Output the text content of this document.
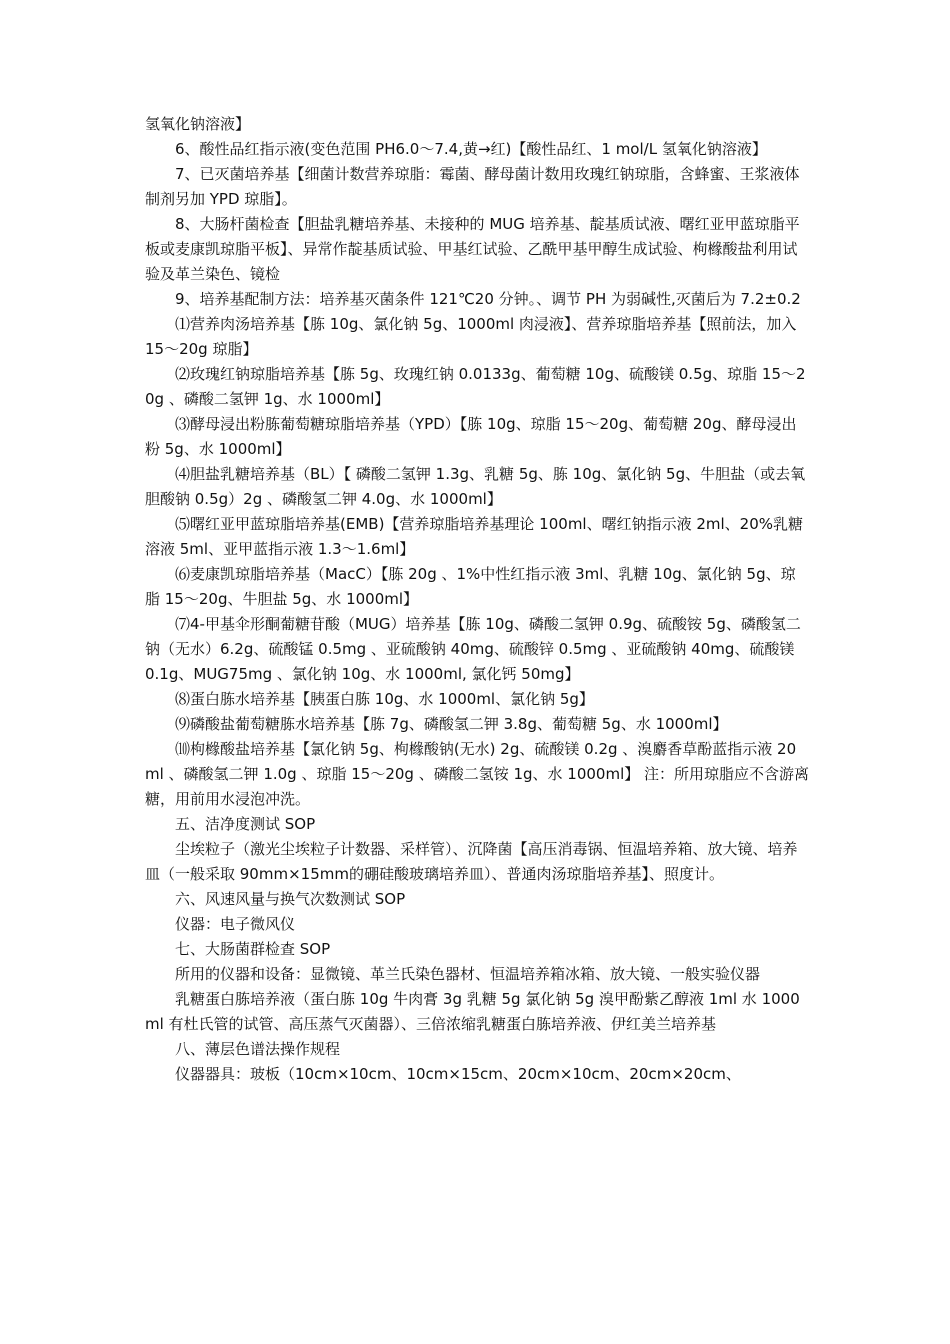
氢氧化钠溶液】

6、酸性品红指示液(变色范围 PH6.0～7.4,黄→红)【酸性品红、1 mol/L 氢氧化钠溶液】

7、已灭菌培养基【细菌计数营养琼脂：霉菌、酵母菌计数用玫瑰红钠琼脂，含蜂蜜、王浆液体制剂另加 YPD 琼脂】。

8、大肠杆菌检查【胆盐乳糖培养基、未接种的 MUG 培养基、靛基质试液、曙红亚甲蓝琼脂平板或麦康凯琼脂平板】、异常作靛基质试验、甲基红试验、乙酰甲基甲醇生成试验、枸橼酸盐利用试验及革兰染色、镜检

9、培养基配制方法：培养基灭菌条件 121℃20 分钟。、调节 PH 为弱碱性,灭菌后为 7.2±0.2

⑴营养肉汤培养基【胨 10g、氯化钠 5g、1000ml 肉浸液】、营养琼脂培养基【照前法，加入 15～20g 琼脂】

⑵玫瑰红钠琼脂培养基【胨 5g、玫瑰红钠 0.0133g、葡萄糖 10g、硫酸镁 0.5g、琼脂 15～20g 、磷酸二氢钾 1g、水 1000ml】

⑶酵母浸出粉胨葡萄糖琼脂培养基（YPD）【胨 10g、琼脂 15～20g、葡萄糖 20g、酵母浸出粉 5g、水 1000ml】

⑷胆盐乳糖培养基（BL）【 磷酸二氢钾 1.3g、乳糖 5g、胨 10g、氯化钠 5g、牛胆盐（或去氧胆酸钠 0.5g）2g 、磷酸氢二钾 4.0g、水 1000ml】

⑸曙红亚甲蓝琼脂培养基(EMB)【营养琼脂培养基理论 100ml、曙红钠指示液 2ml、20%乳糖溶液 5ml、亚甲蓝指示液 1.3～1.6ml】

⑹麦康凯琼脂培养基（MacC）【胨 20g 、1%中性红指示液 3ml、乳糖 10g、氯化钠 5g、琼脂 15～20g、牛胆盐 5g、水 1000ml】

⑺4-甲基伞形酮葡糖苷酸（MUG）培养基【胨 10g、磷酸二氢钾 0.9g、硫酸铵 5g、磷酸氢二钠（无水）6.2g、硫酸锰 0.5mg 、亚硫酸钠 40mg、硫酸锌 0.5mg 、亚硫酸钠 40mg、硫酸镁 0.1g、MUG75mg 、氯化钠 10g、水 1000ml, 氯化钙 50mg】

⑻蛋白胨水培养基【胰蛋白胨 10g、水 1000ml、氯化钠 5g】

⑼磷酸盐葡萄糖胨水培养基【胨 7g、磷酸氢二钾 3.8g、葡萄糖 5g、水 1000ml】

⑽枸橼酸盐培养基【氯化钠 5g、枸橼酸钠(无水) 2g、硫酸镁 0.2g 、溴麝香草酚蓝指示液 20ml 、磷酸氢二钾 1.0g 、琼脂 15～20g 、磷酸二氢铵 1g、水 1000ml】 注：所用琼脂应不含游离糖，用前用水浸泡冲洗。

五、洁净度测试 SOP

尘埃粒子（激光尘埃粒子计数器、采样管）、沉降菌【高压消毒锅、恒温培养箱、放大镜、培养皿（一般采取 90mm×15mm的硼硅酸玻璃培养皿）、普通肉汤琼脂培养基】、照度计。

六、风速风量与换气次数测试 SOP

仪器：电子微风仪

七、大肠菌群检查 SOP

所用的仪器和设备：显微镜、革兰氏染色器材、恒温培养箱冰箱、放大镜、一般实验仪器

乳糖蛋白胨培养液（蛋白胨 10g 牛肉膏 3g 乳糖 5g 氯化钠 5g 溴甲酚紫乙醇液 1ml 水 1000ml 有杜氏管的试管、高压蒸气灭菌器）、三倍浓缩乳糖蛋白胨培养液、伊红美兰培养基

八、薄层色谱法操作规程

仪器器具：玻板（10cm×10cm、10cm×15cm、20cm×10cm、20cm×20cm、
